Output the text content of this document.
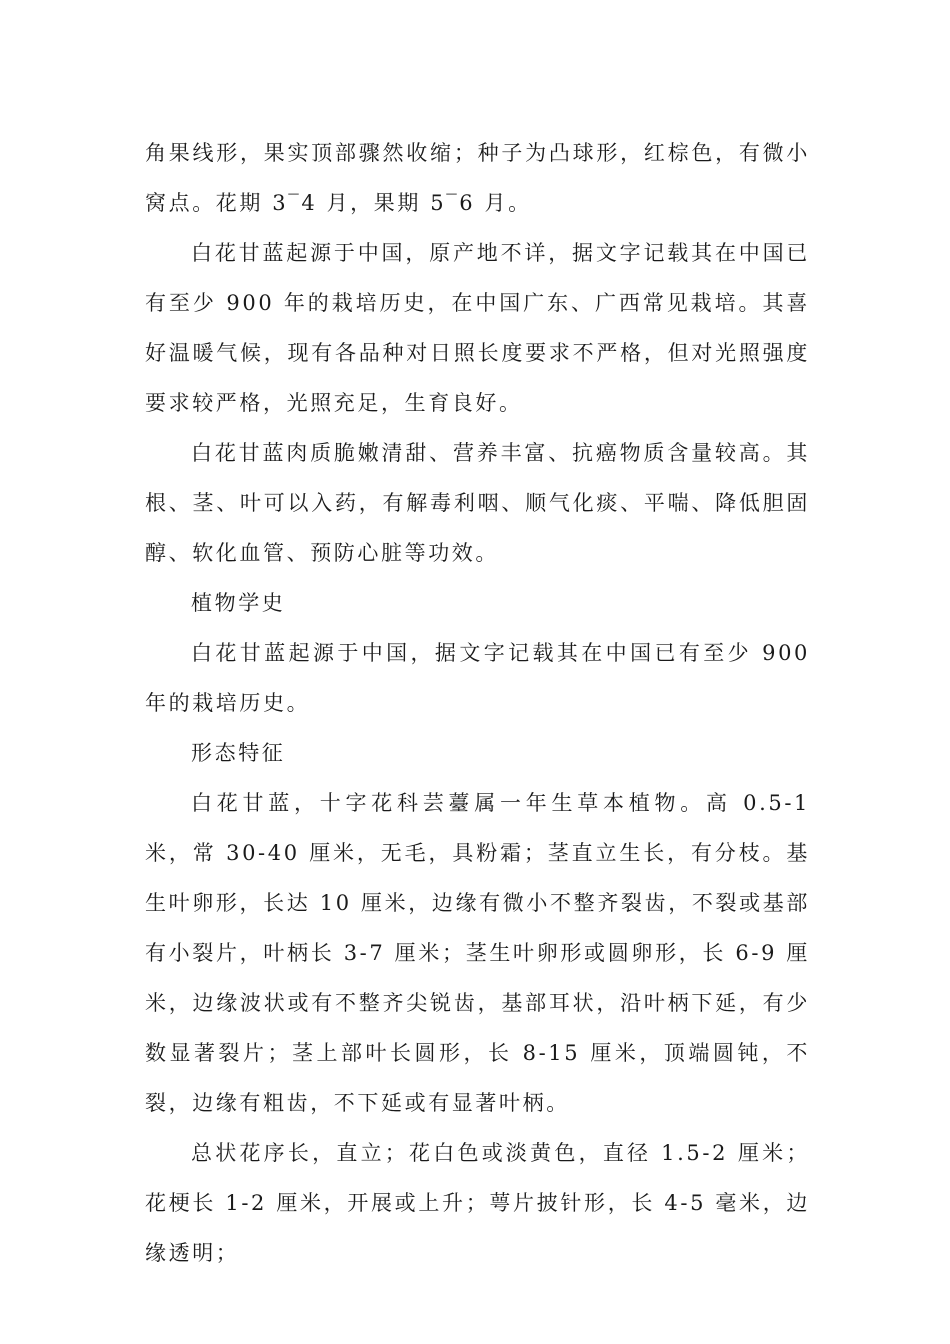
角果线形，果实顶部骤然收缩；种子为凸球形，红棕色，有微小窝点。花期 3‾4 月，果期 5‾6 月。

白花甘蓝起源于中国，原产地不详，据文字记载其在中国已有至少 900 年的栽培历史，在中国广东、广西常见栽培。其喜好温暖气候，现有各品种对日照长度要求不严格，但对光照强度要求较严格，光照充足，生育良好。

白花甘蓝肉质脆嫩清甜、营养丰富、抗癌物质含量较高。其根、茎、叶可以入药，有解毒利咽、顺气化痰、平喘、降低胆固醇、软化血管、预防心脏等功效。

植物学史

白花甘蓝起源于中国，据文字记载其在中国已有至少 900 年的栽培历史。

形态特征

白花甘蓝，十字花科芸薹属一年生草本植物。高 0.5-1 米，常 30-40 厘米，无毛，具粉霜；茎直立生长，有分枝。基生叶卵形，长达 10 厘米，边缘有微小不整齐裂齿，不裂或基部有小裂片，叶柄长 3-7 厘米；茎生叶卵形或圆卵形，长 6-9 厘米，边缘波状或有不整齐尖锐齿，基部耳状，沿叶柄下延，有少数显著裂片；茎上部叶长圆形，长 8-15 厘米，顶端圆钝，不裂，边缘有粗齿，不下延或有显著叶柄。

总状花序长，直立；花白色或淡黄色，直径 1.5-2 厘米；花梗长 1-2 厘米，开展或上升；萼片披针形，长 4-5 毫米，边缘透明；
